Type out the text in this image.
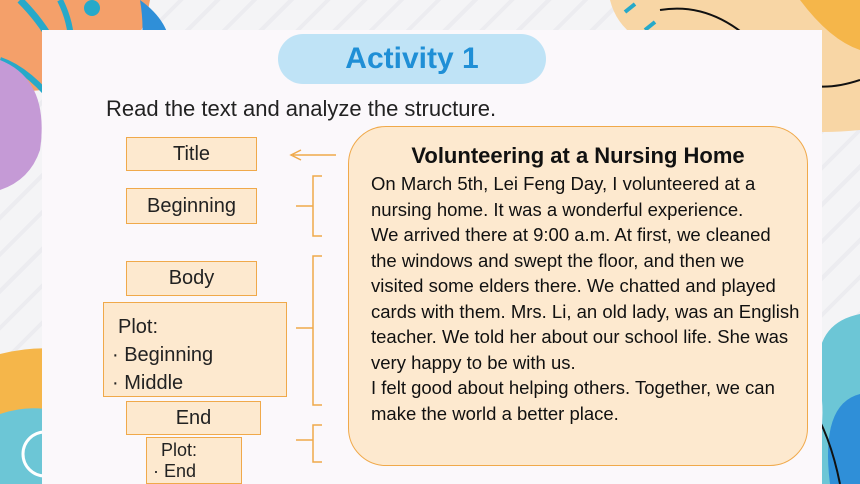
Activity 1
Read the text and analyze the structure.
Title
Beginning
Body
Plot:
· Beginning
· Middle
End
Plot:
· End
Volunteering at a Nursing Home

On March 5th, Lei Feng Day, I volunteered at a nursing home. It was a wonderful experience.

We arrived there at 9:00 a.m. At first, we cleaned the windows and swept the floor, and then we visited some elders there. We chatted and played cards with them. Mrs. Li, an old lady, was an English teacher. We told her about our school life. She was very happy to be with us.

I felt good about helping others. Together, we can make the world a better place.
